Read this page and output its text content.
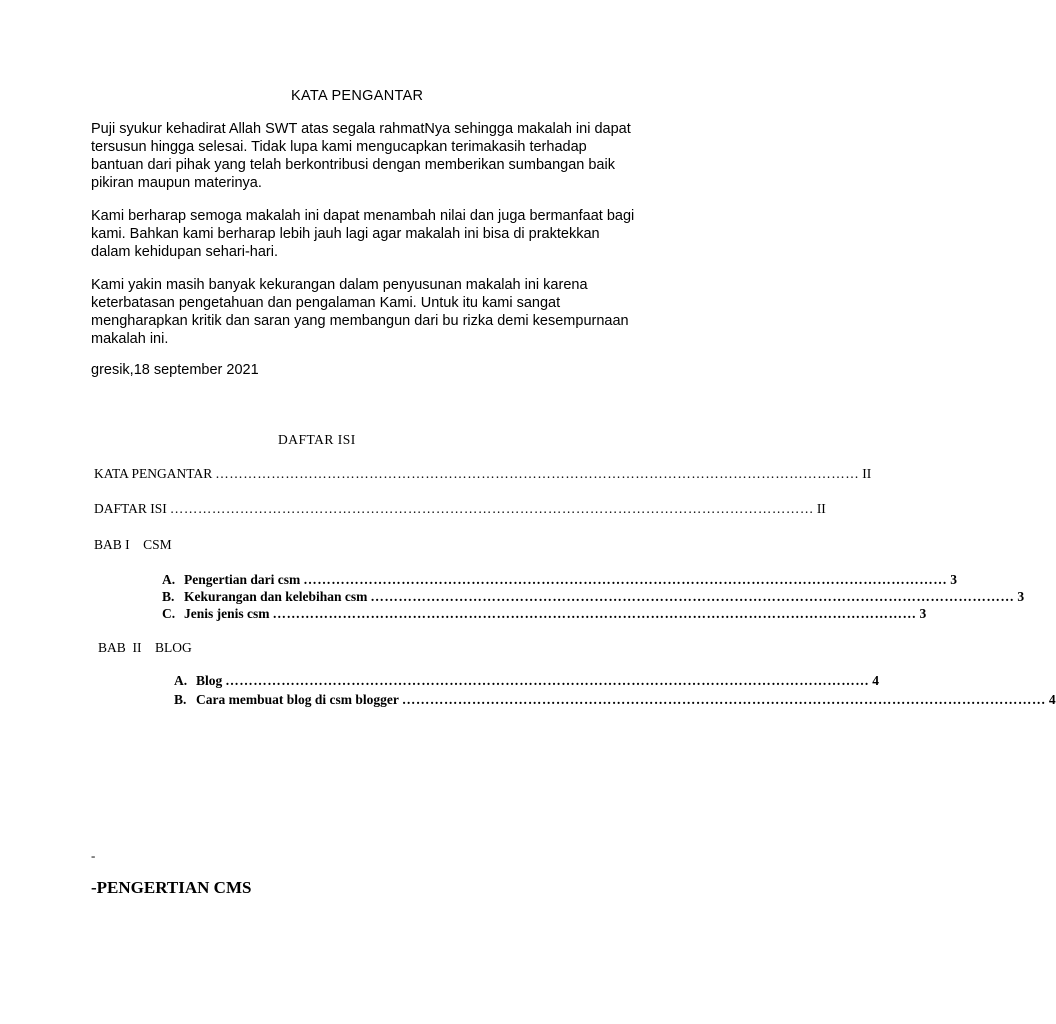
KATA PENGANTAR
Puji syukur kehadirat Allah SWT atas segala rahmatNya sehingga makalah ini dapat
tersusun hingga selesai. Tidak lupa kami mengucapkan terimakasih terhadap
bantuan dari pihak yang telah berkontribusi dengan memberikan sumbangan baik
pikiran maupun materinya.
Kami berharap semoga makalah ini dapat menambah nilai dan juga bermanfaat bagi
kami. Bahkan kami berharap lebih jauh lagi agar makalah ini bisa di praktekkan
dalam kehidupan sehari-hari.
Kami yakin masih banyak kekurangan dalam penyusunan makalah ini karena
keterbatasan pengetahuan dan pengalaman Kami. Untuk itu kami sangat
mengharapkan kritik dan saran yang membangun dari bu rizka demi kesempurnaan
makalah ini.
gresik,18 september 2021
DAFTAR ISI
KATA PENGANTAR ………………………………………………………………………………………………………………………… II
DAFTAR ISI ………………………………………………………………………………………………………………………… II
BAB I    CSM
A. Pengertian dari csm ………………………………………………………………………………………………………………………… 3
B. Kekurangan dan kelebihan csm ………………………………………………………………………………………………………………………… 3
C. Jenis jenis csm ………………………………………………………………………………………………………………………… 3
BAB  II    BLOG
A. Blog ………………………………………………………………………………………………………………………… 4
B. Cara membuat blog di csm blogger ………………………………………………………………………………………………………………………… 4
-
-PENGERTIAN CMS
